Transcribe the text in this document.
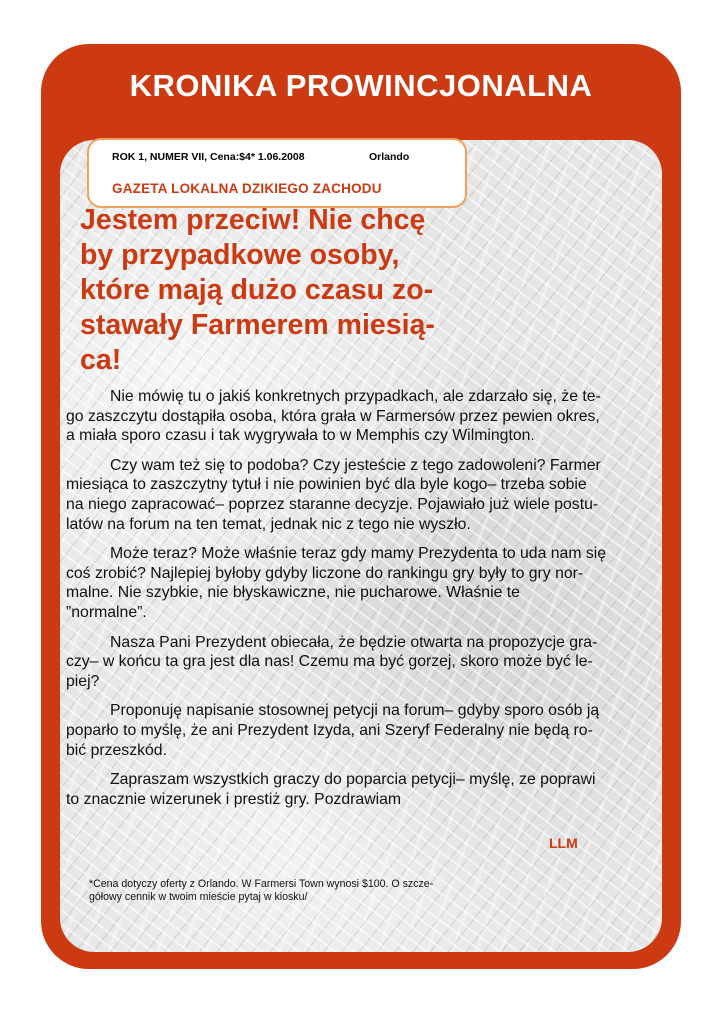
KRONIKA PROWINCJONALNA
ROK 1, NUMER VII, Cena:$4* 1.06.2008	Orlando
GAZETA LOKALNA DZIKIEGO ZACHODU
Jestem przeciw! Nie chcę
by przypadkowe osoby,
które mają dużo czasu zo-
stawały Farmerem miesią-
ca!

Nie mówię tu o jakiś konkretnych przypadkach, ale zdarzało się, że te-
go zaszczytu dostąpiła osoba, która grała w Farmersów przez pewien okres,
a miała sporo czasu i tak wygrywała to w Memphis czy Wilmington.

Czy wam też się to podoba? Czy jesteście z tego zadowoleni? Farmer
miesiąca to zaszczytny tytuł i nie powinien być dla byle kogo– trzeba sobie
na niego zapracować– poprzez staranne decyzje. Pojawiało już wiele postu-
latów na forum na ten temat, jednak nic z tego nie wyszło.

Może teraz? Może właśnie teraz gdy mamy Prezydenta to uda nam się
coś zrobić? Najlepiej byłoby gdyby liczone do rankingu gry były to gry nor-
malne. Nie szybkie, nie błyskawiczne, nie pucharowe. Właśnie te
”normalne”.

Nasza Pani Prezydent obiecała, że będzie otwarta na propozycje gra-
czy– w końcu ta gra jest dla nas! Czemu ma być gorzej, skoro może być le-
piej?

Proponuję napisanie stosownej petycji na forum– gdyby sporo osób ją
poparło to myślę, że ani Prezydent Izyda, ani Szeryf Federalny nie będą ro-
bić przeszkód.

Zapraszam wszystkich graczy do poparcia petycji– myślę, ze poprawi
to znacznie wizerunek i prestiż gry. Pozdrawiam

LLM
*Cena dotyczy oferty z Orlando. W Farmersi Town wynosi $100. O szcze-
gółowy cennik w twoim mieście pytaj w kiosku/
